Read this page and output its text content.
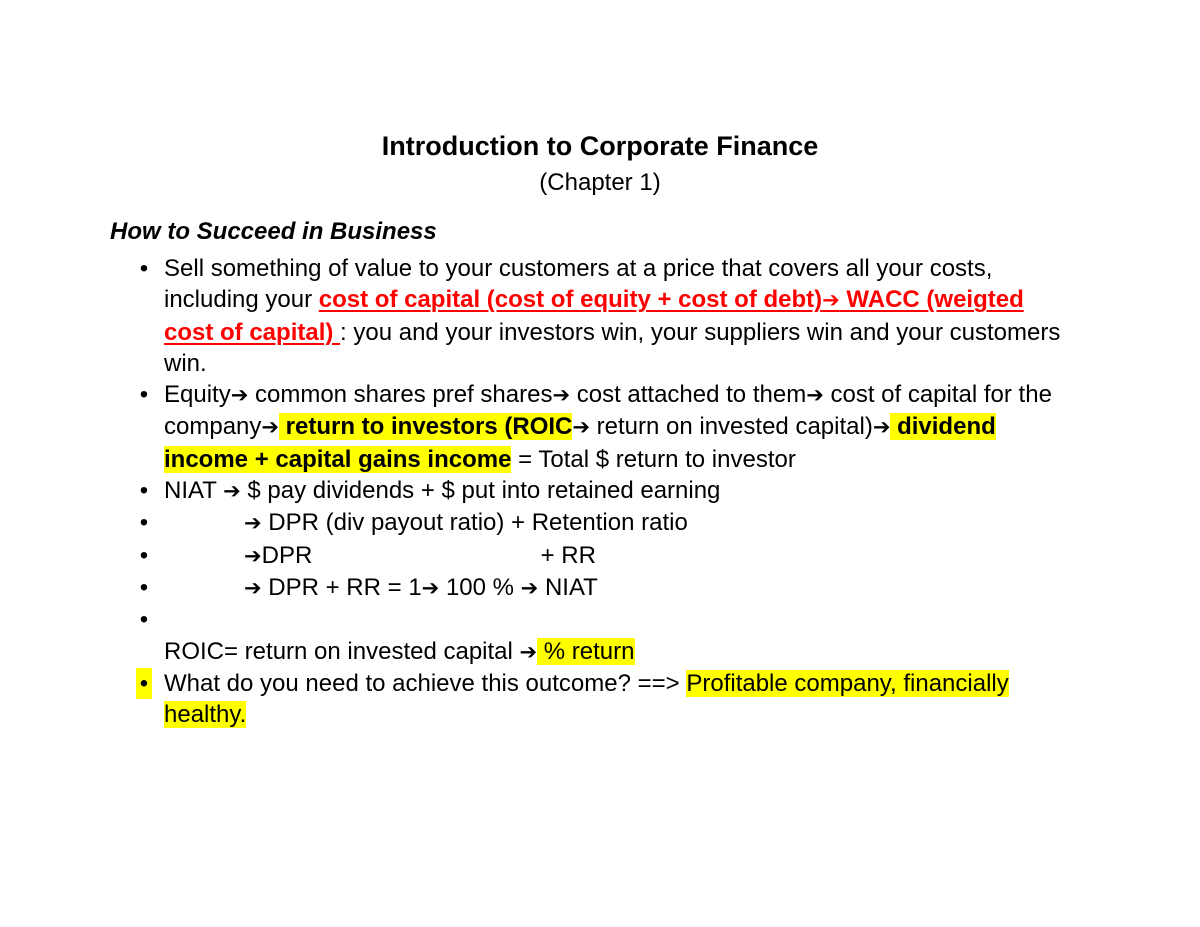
Introduction to Corporate Finance
(Chapter 1)
How to Succeed in Business
• Sell something of value to your customers at a price that covers all your costs, including your cost of capital (cost of equity + cost of debt)➔ WACC (weigted cost of capital) : you and your investors win, your suppliers win and your customers win.
• Equity➔ common shares pref shares➔ cost attached to them➔ cost of capital for the company➔ return to investors (ROIC➔ return on invested capital)➔ dividend income + capital gains income = Total $ return to investor
• NIAT ➔ $ pay dividends + $ put into retained earning
•	➔ DPR (div payout ratio) + Retention ratio
•	➔DPR	+ RR
•	➔ DPR + RR = 1➔ 100 % ➔ NIAT
•

ROIC= return on invested capital ➔ % return
• What do you need to achieve this outcome? ==> Profitable company, financially healthy.
